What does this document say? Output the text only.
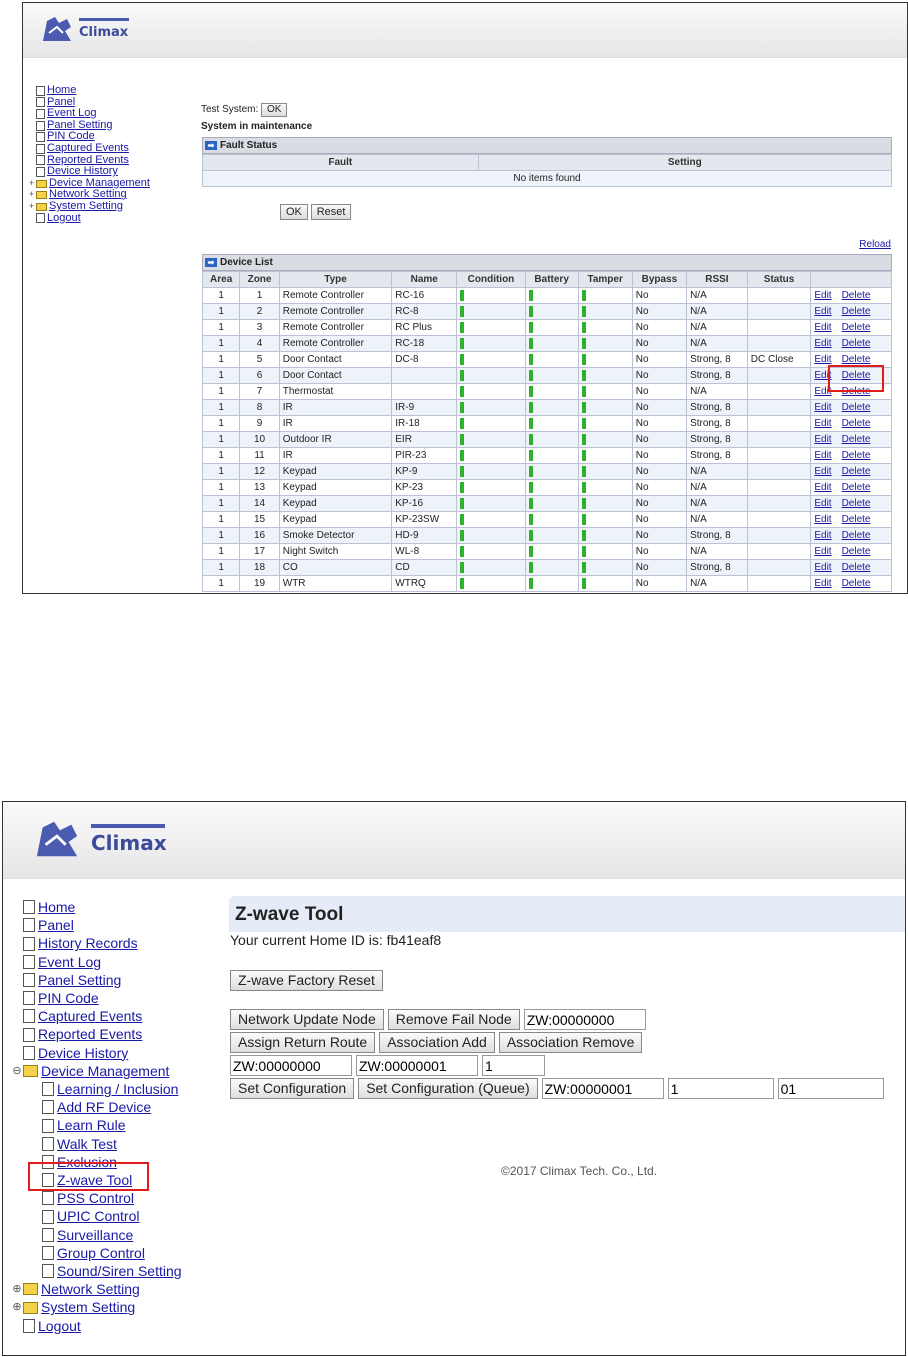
Climax

Home

Panel

Event Log

Panel Setting

PIN Code

Captured Events

Reported Events

Device History
+ Device Management
+ Network Setting
+ System Setting

Logout
Test System: OK
System in maintenance
➡ Fault Status
Fault	Setting
No items found
OK Reset
Reload
➡ Device List
Area	Zone	Type	Name	Condition	Battery	Tamper	Bypass	RSSI	Status	
1	1	Remote Controller	RC-16				No	N/A		Edit Delete
1	2	Remote Controller	RC-8				No	N/A		Edit Delete
1	3	Remote Controller	RC Plus				No	N/A		Edit Delete
1	4	Remote Controller	RC-18				No	N/A		Edit Delete
1	5	Door Contact	DC-8				No	Strong, 8	DC Close	Edit Delete
1	6	Door Contact					No	Strong, 8		Edit Delete
1	7	Thermostat					No	N/A		Edit Delete
1	8	IR	IR-9				No	Strong, 8		Edit Delete
1	9	IR	IR-18				No	Strong, 8		Edit Delete
1	10	Outdoor IR	EIR				No	Strong, 8		Edit Delete
1	11	IR	PIR-23				No	Strong, 8		Edit Delete
1	12	Keypad	KP-9				No	N/A		Edit Delete
1	13	Keypad	KP-23				No	N/A		Edit Delete
1	14	Keypad	KP-16				No	N/A		Edit Delete
1	15	Keypad	KP-23SW				No	N/A		Edit Delete
1	16	Smoke Detector	HD-9				No	Strong, 8		Edit Delete
1	17	Night Switch	WL-8				No	N/A		Edit Delete
1	18	CO	CD				No	Strong, 8		Edit Delete
1	19	WTR	WTRQ				No	N/A		Edit Delete
Climax

Home

Panel

History Records

Event Log

Panel Setting

PIN Code

Captured Events

Reported Events

Device History
⊖ Device Management

Learning / Inclusion

Add RF Device

Learn Rule

Walk Test

Exclusion

Z-wave Tool

PSS Control

UPIC Control

Surveillance

Group Control

Sound/Siren Setting
⊕ Network Setting
⊕ System Setting

Logout
Z-wave Tool
Your current Home ID is: fb41eaf8
Z-wave Factory Reset
Network Update Node	Remove Fail Node
ZW:00000000
Assign Return Route	Association Add	Association Remove
ZW:00000000
ZW:00000001
1
Set Configuration	Set Configuration (Queue)
ZW:00000001
1
01
©2017 Climax Tech. Co., Ltd.
